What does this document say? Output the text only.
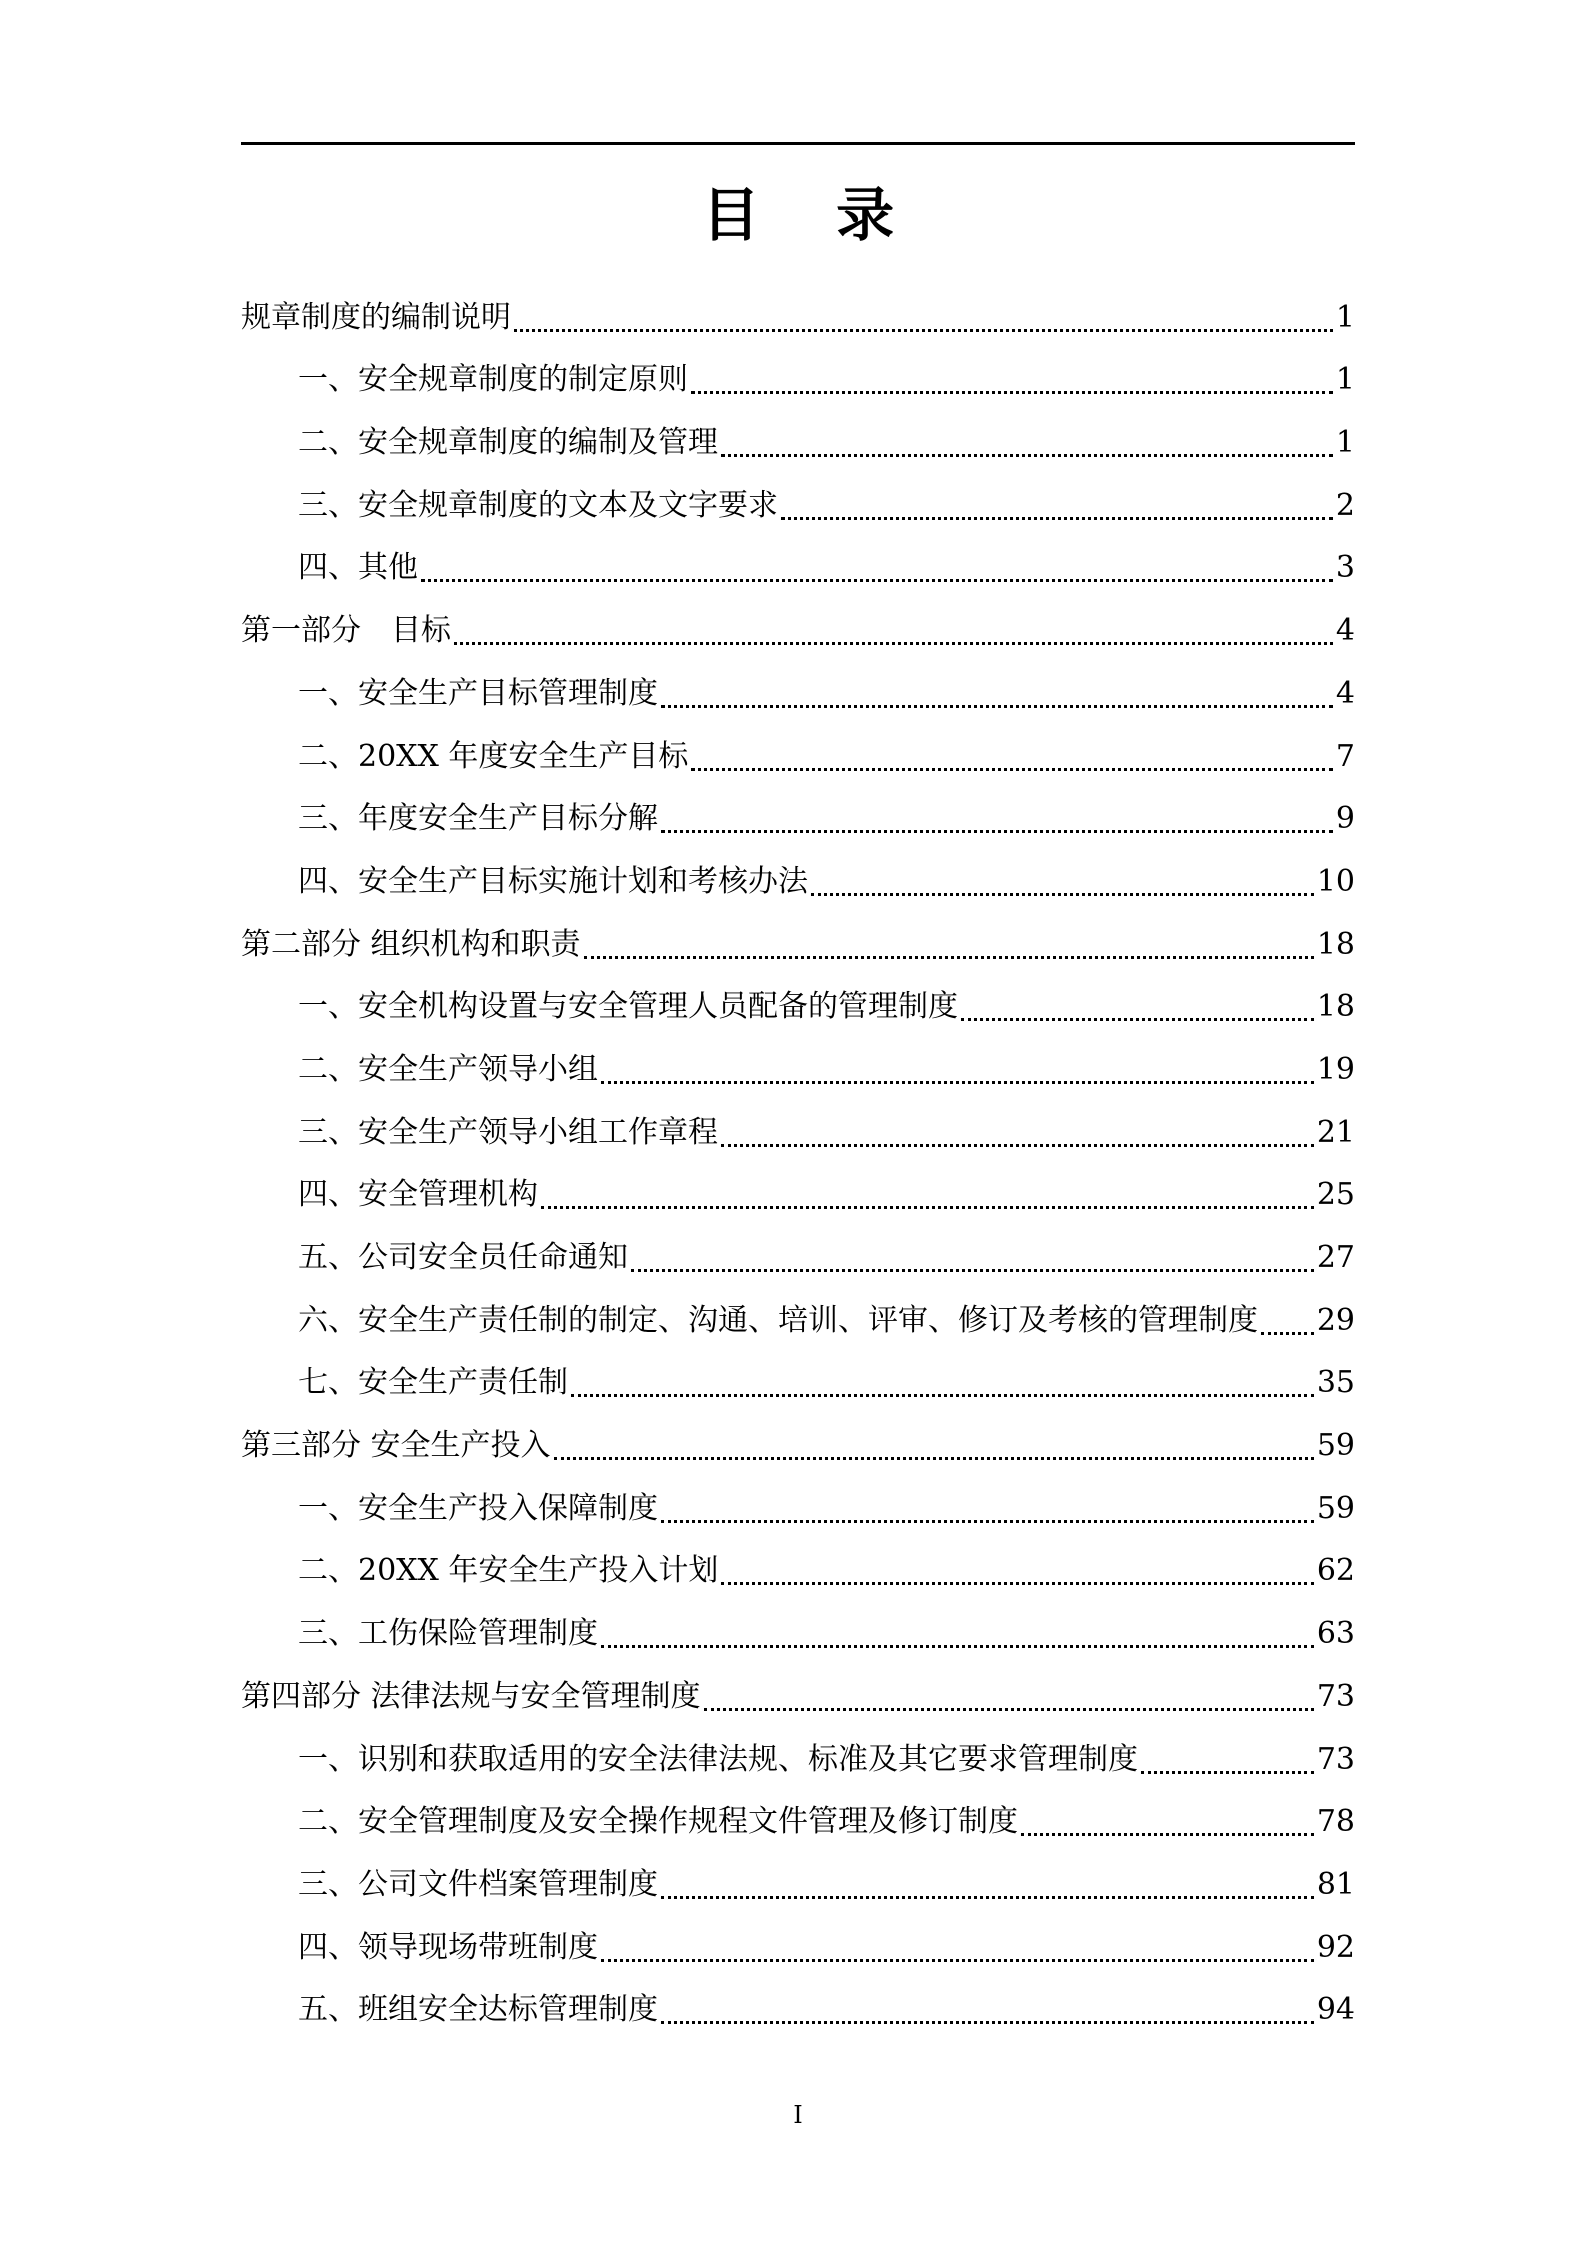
目 录
规章制度的编制说明	1
一、安全规章制度的制定原则	1
二、安全规章制度的编制及管理	1
三、安全规章制度的文本及文字要求	2
四、其他	3
第一部分　目标	4
一、安全生产目标管理制度	4
二、20XX 年度安全生产目标	7
三、年度安全生产目标分解	9
四、安全生产目标实施计划和考核办法	10
第二部分 组织机构和职责	18
一、安全机构设置与安全管理人员配备的管理制度	18
二、安全生产领导小组	19
三、安全生产领导小组工作章程	21
四、安全管理机构	25
五、公司安全员任命通知	27
六、安全生产责任制的制定、沟通、培训、评审、修订及考核的管理制度 29
七、安全生产责任制	35
第三部分 安全生产投入	59
一、安全生产投入保障制度	59
二、20XX 年安全生产投入计划	62
三、工伤保险管理制度	63
第四部分 法律法规与安全管理制度	73
一、识别和获取适用的安全法律法规、标准及其它要求管理制度	73
二、安全管理制度及安全操作规程文件管理及修订制度	78
三、公司文件档案管理制度	81
四、领导现场带班制度	92
五、班组安全达标管理制度	94
I
